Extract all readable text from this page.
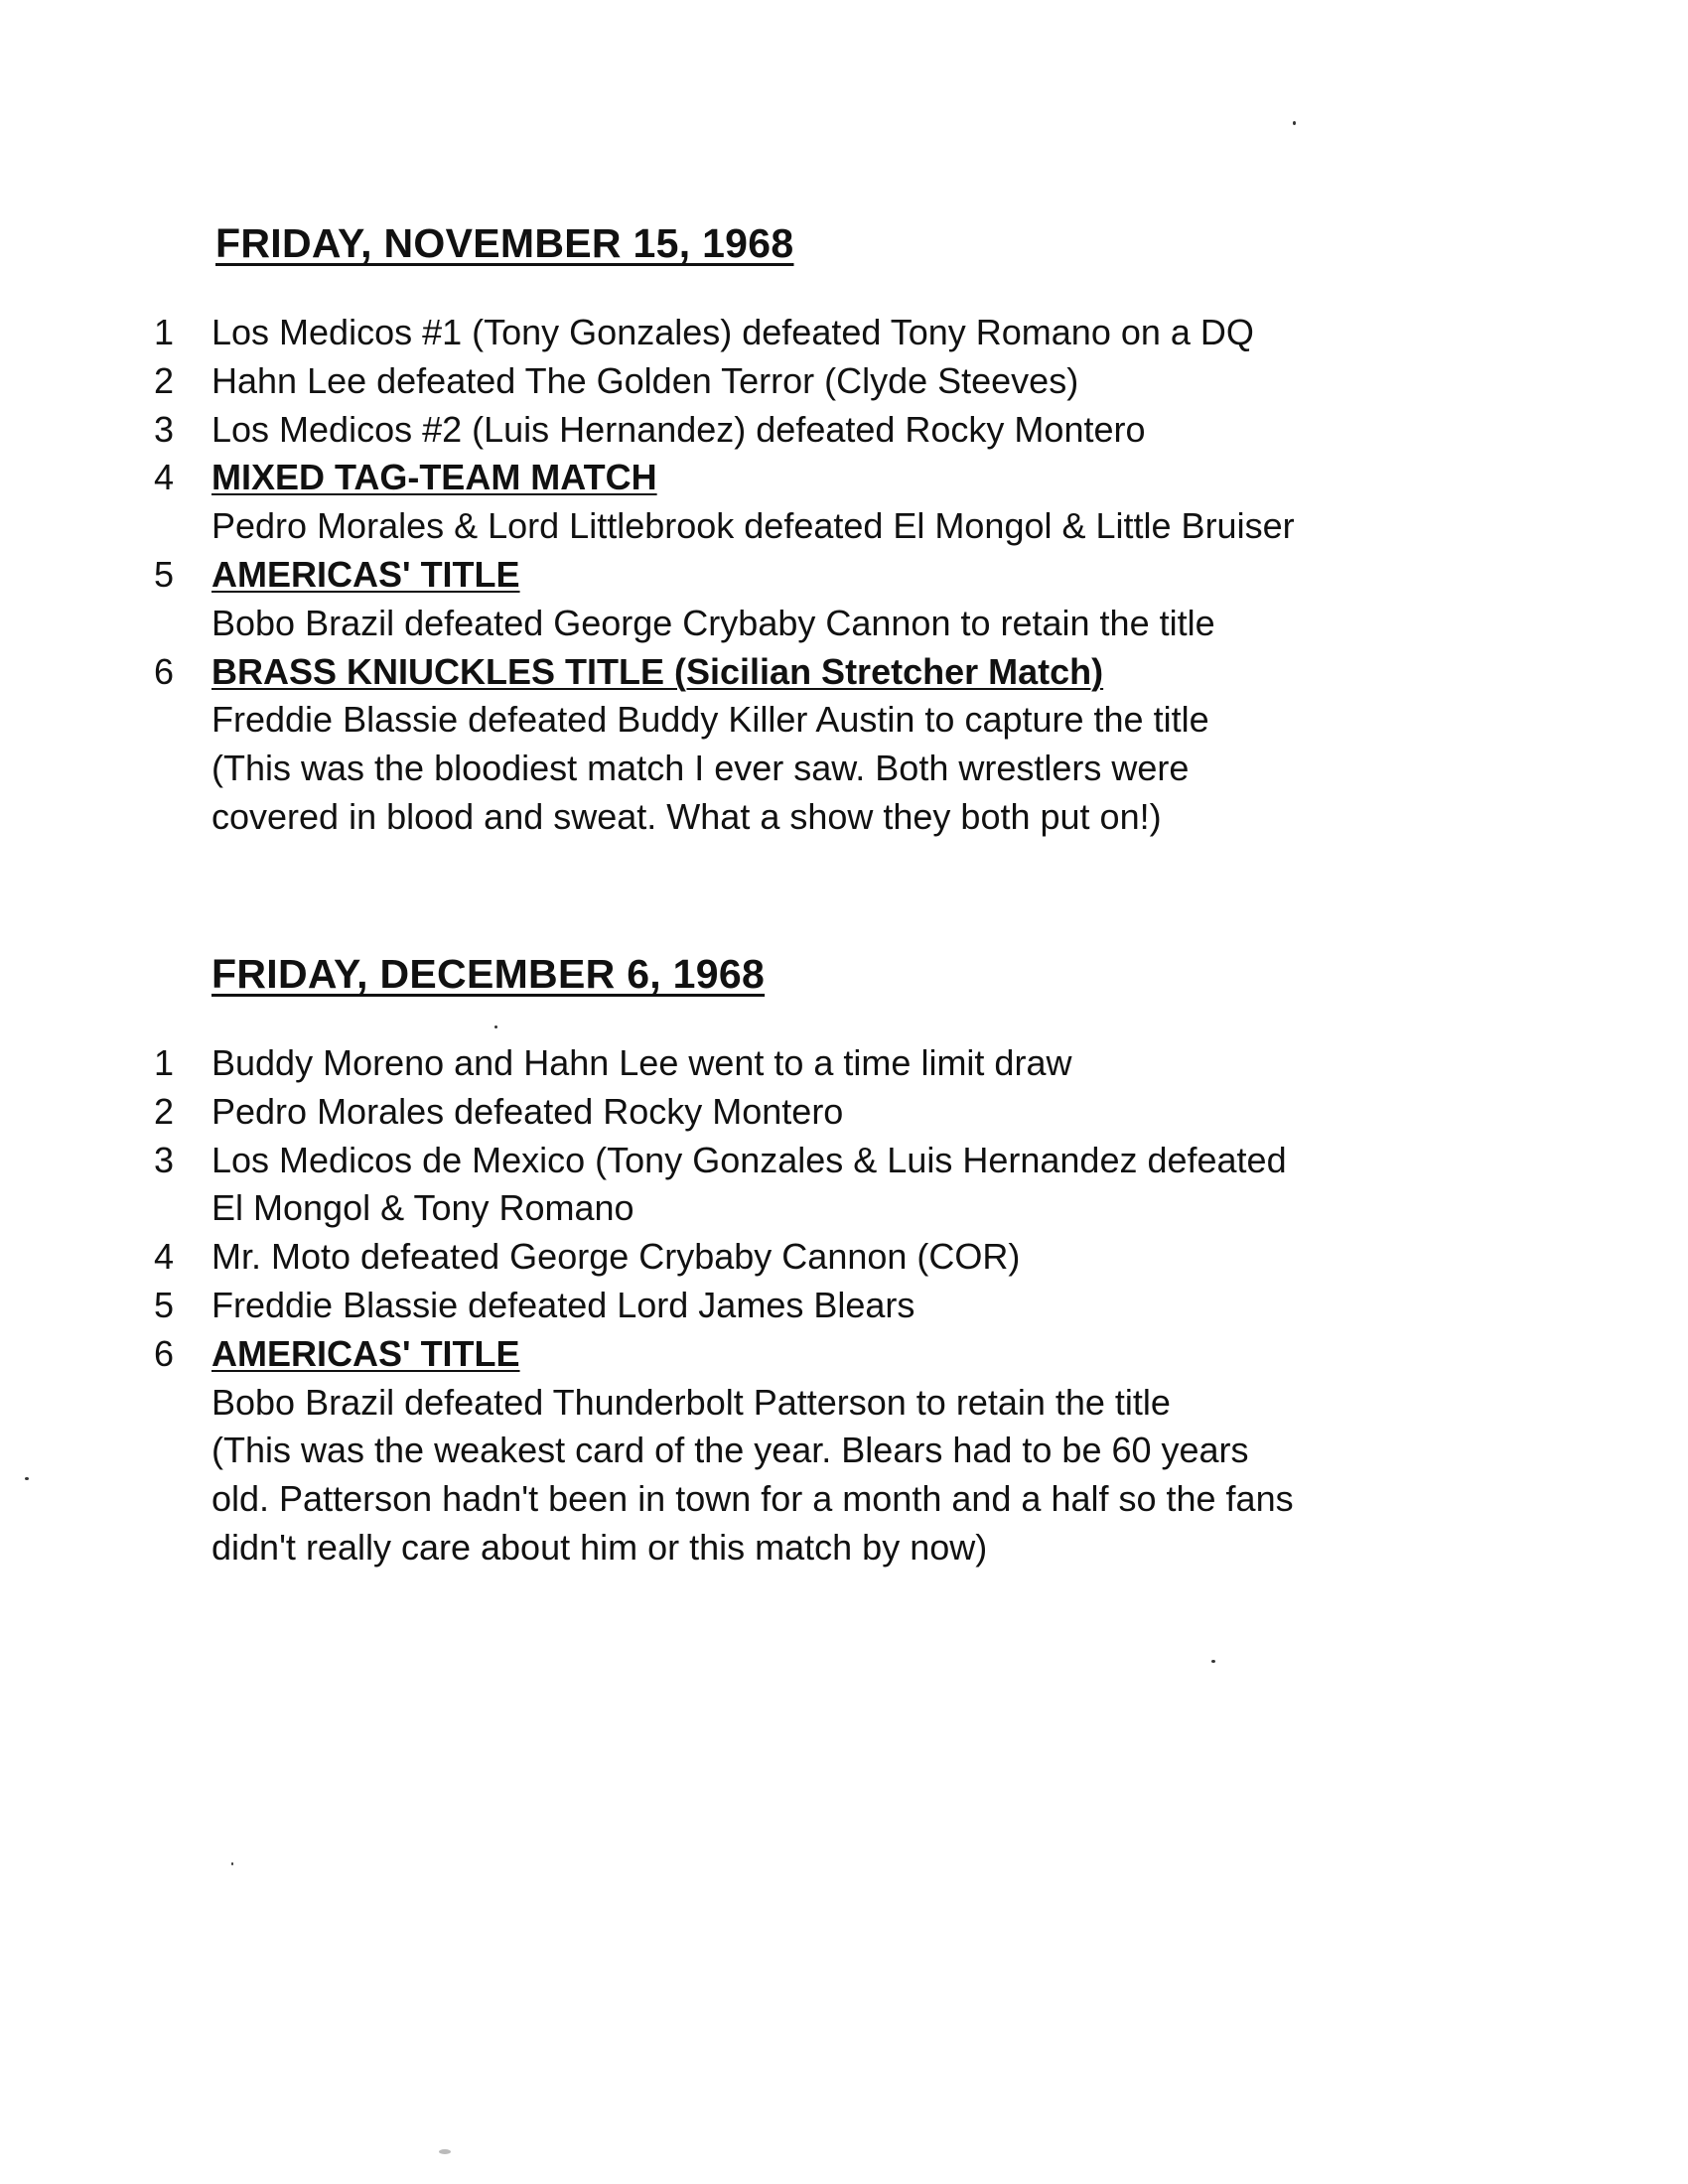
FRIDAY, NOVEMBER 15, 1968
1 Los Medicos #1 (Tony Gonzales) defeated Tony Romano on a DQ
2 Hahn Lee defeated The Golden Terror (Clyde Steeves)
3 Los Medicos #2 (Luis Hernandez) defeated Rocky Montero
4 MIXED TAG-TEAM MATCH
Pedro Morales & Lord Littlebrook defeated El Mongol & Little Bruiser
5 AMERICAS' TITLE
Bobo Brazil defeated George Crybaby Cannon to retain the title
6 BRASS KNIUCKLES TITLE (Sicilian Stretcher Match)
Freddie Blassie defeated Buddy Killer Austin to capture the title
(This was the bloodiest match I ever saw. Both wrestlers were
covered in blood and sweat. What a show they both put on!)
FRIDAY, DECEMBER 6, 1968
1 Buddy Moreno and Hahn Lee went to a time limit draw
2 Pedro Morales defeated Rocky Montero
3 Los Medicos de Mexico (Tony Gonzales & Luis Hernandez defeated
El Mongol & Tony Romano
4 Mr. Moto defeated George Crybaby Cannon (COR)
5 Freddie Blassie defeated Lord James Blears
6 AMERICAS' TITLE
Bobo Brazil defeated Thunderbolt Patterson to retain the title
(This was the weakest card of the year. Blears had to be 60 years
old. Patterson hadn't been in town for a month and a half so the fans
didn't really care about him or this match by now)
